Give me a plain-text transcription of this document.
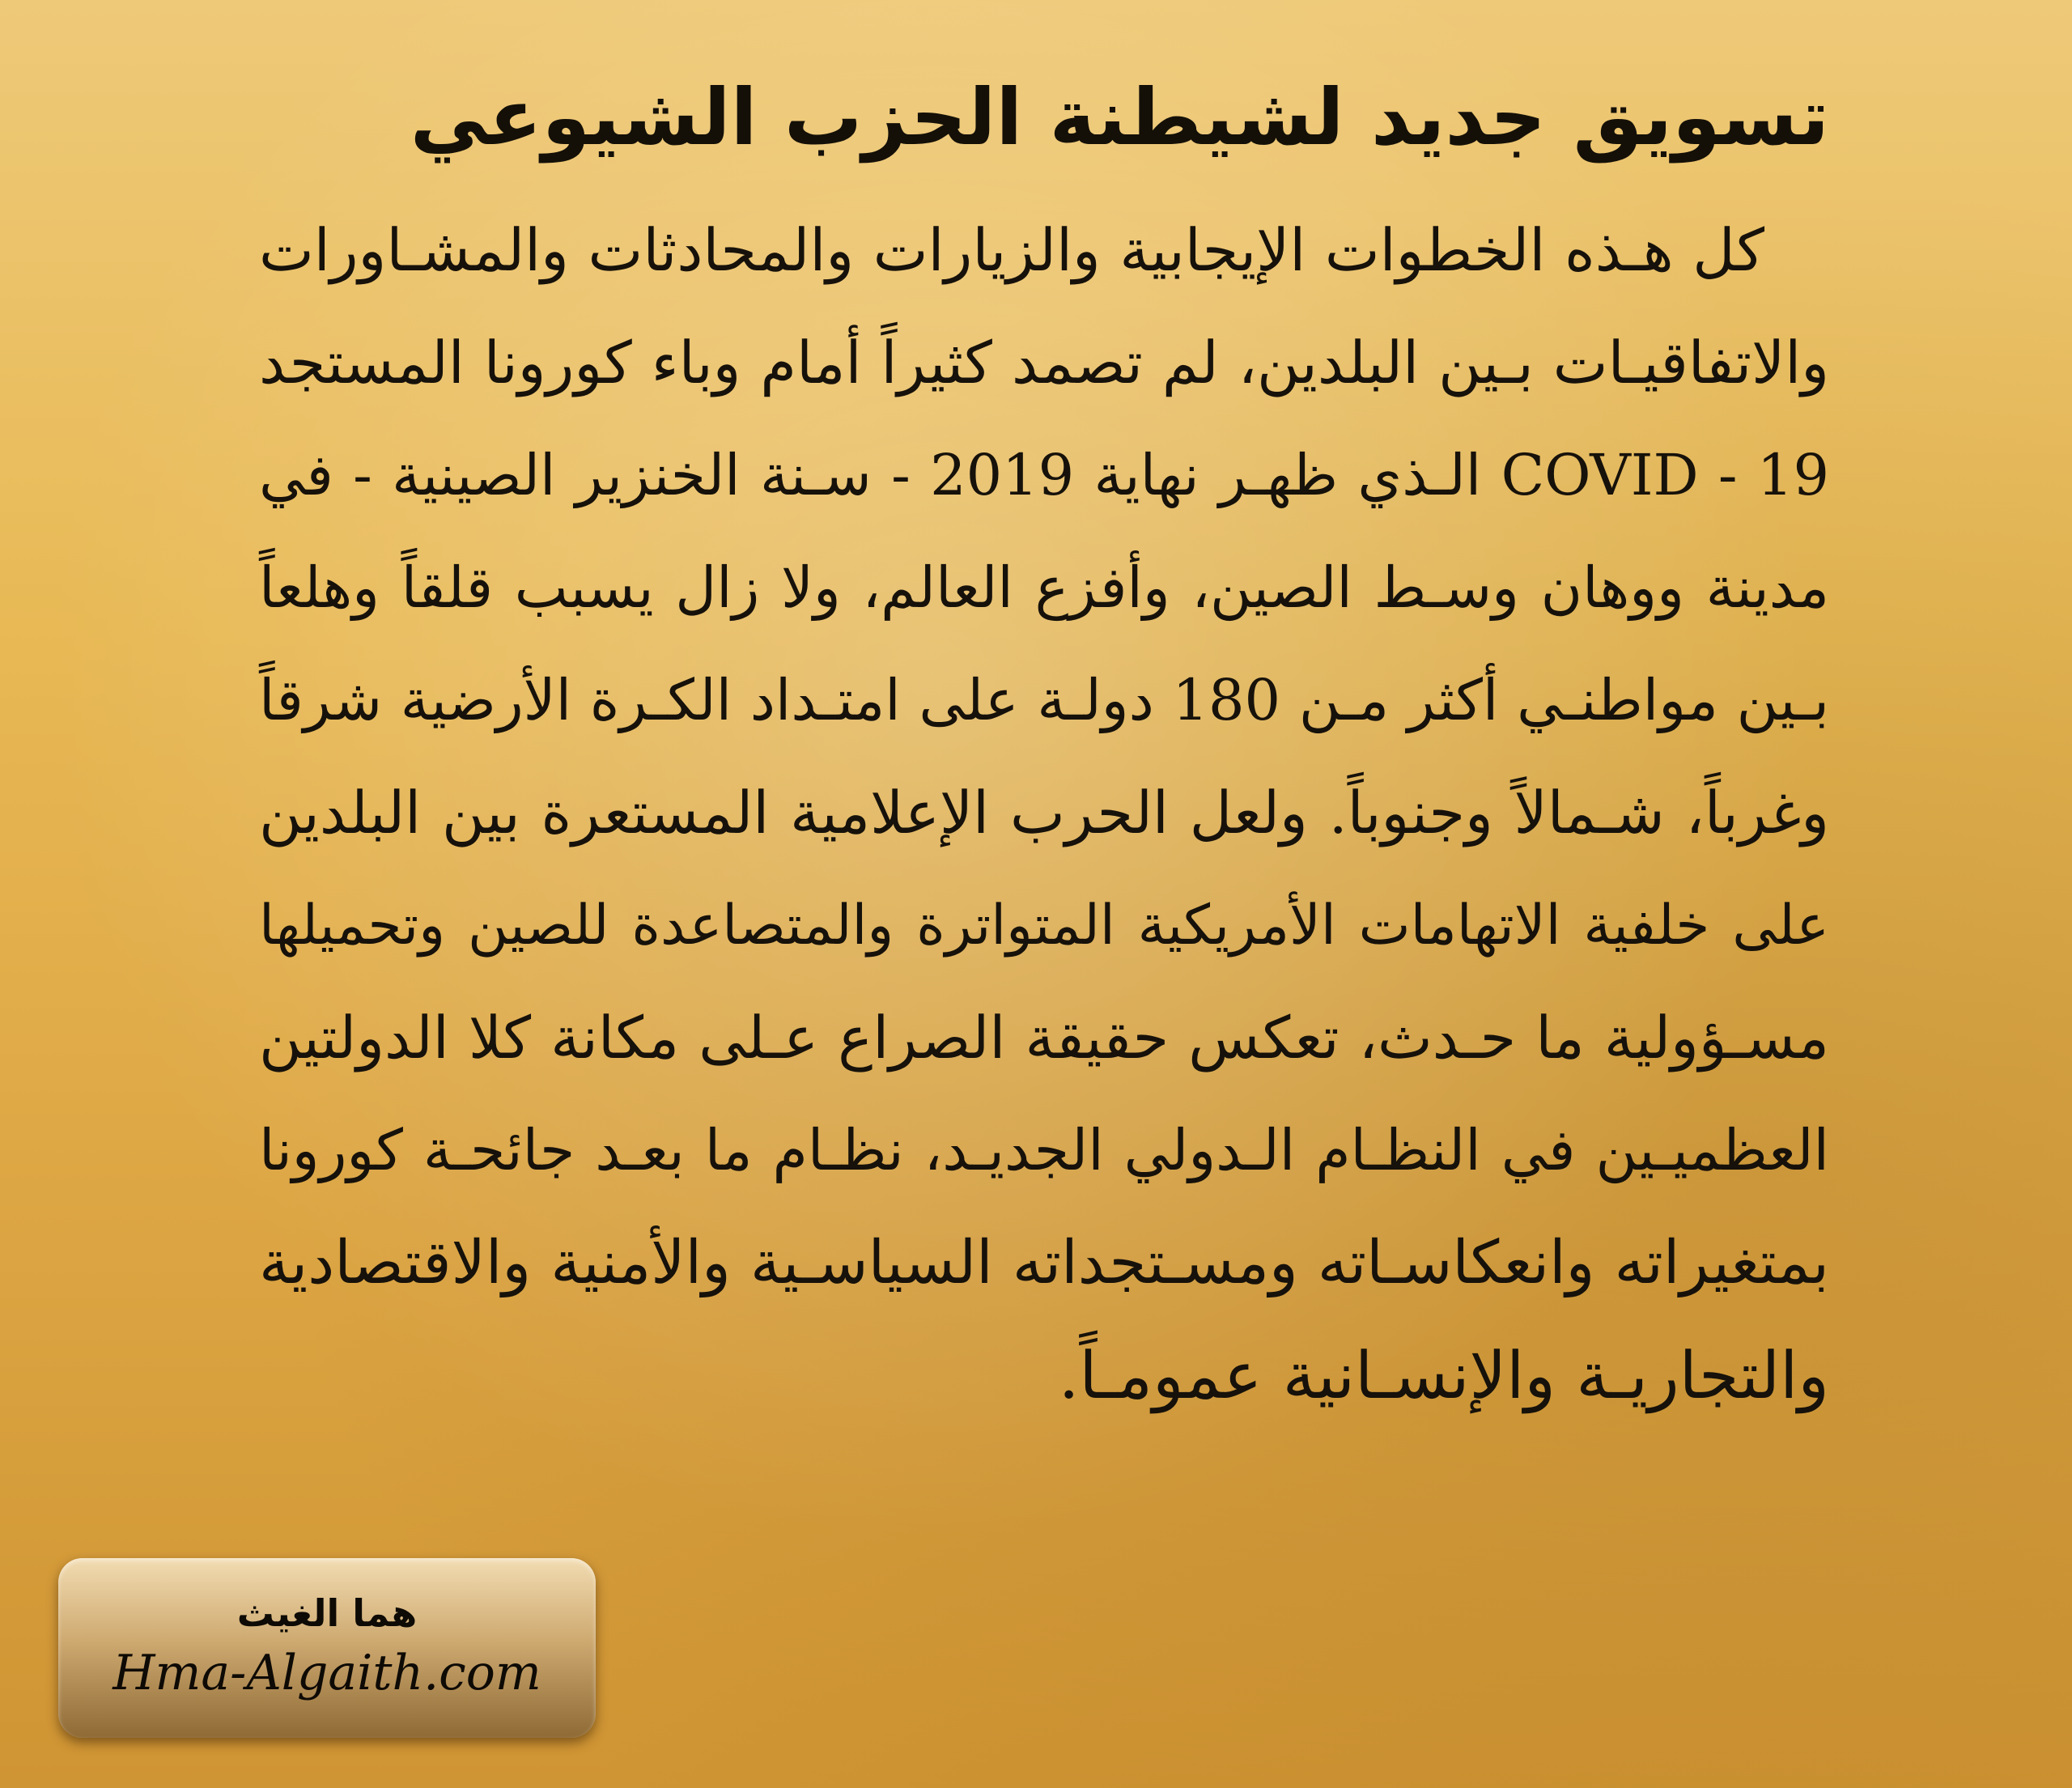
تسويق جديد لشيطنة الحزب الشيوعي
كل هـذه الخطوات الإيجابية والزيارات والمحادثات والمشـاورات
والاتفاقيـات بـين البلدين، لم تصمد كثيراً أمام وباء كورونا المستجد
19 - COVID الـذي ظهـر نهاية 2019 - سـنة الخنزير الصينية - في
مدينة ووهان وسـط الصين، وأفزع العالم، ولا زال يسبب قلقاً وهلعاً
بـين مواطنـي أكثر مـن 180 دولـة على امتـداد الكـرة الأرضية شرقاً
وغرباً، شـمالاً وجنوباً. ولعل الحرب الإعلامية المستعرة بين البلدين
على خلفية الاتهامات الأمريكية المتواترة والمتصاعدة للصين وتحميلها
مسـؤولية ما حـدث، تعكس حقيقة الصراع عـلى مكانة كلا الدولتين
العظميـين في النظـام الـدولي الجديـد، نظـام ما بعـد جائحـة كورونا
بمتغيراته وانعكاسـاته ومسـتجداته السياسـية والأمنية والاقتصادية
والتجاريـة والإنسـانية عمومـاً.
هما الغيث
Hma-Algaith.com
